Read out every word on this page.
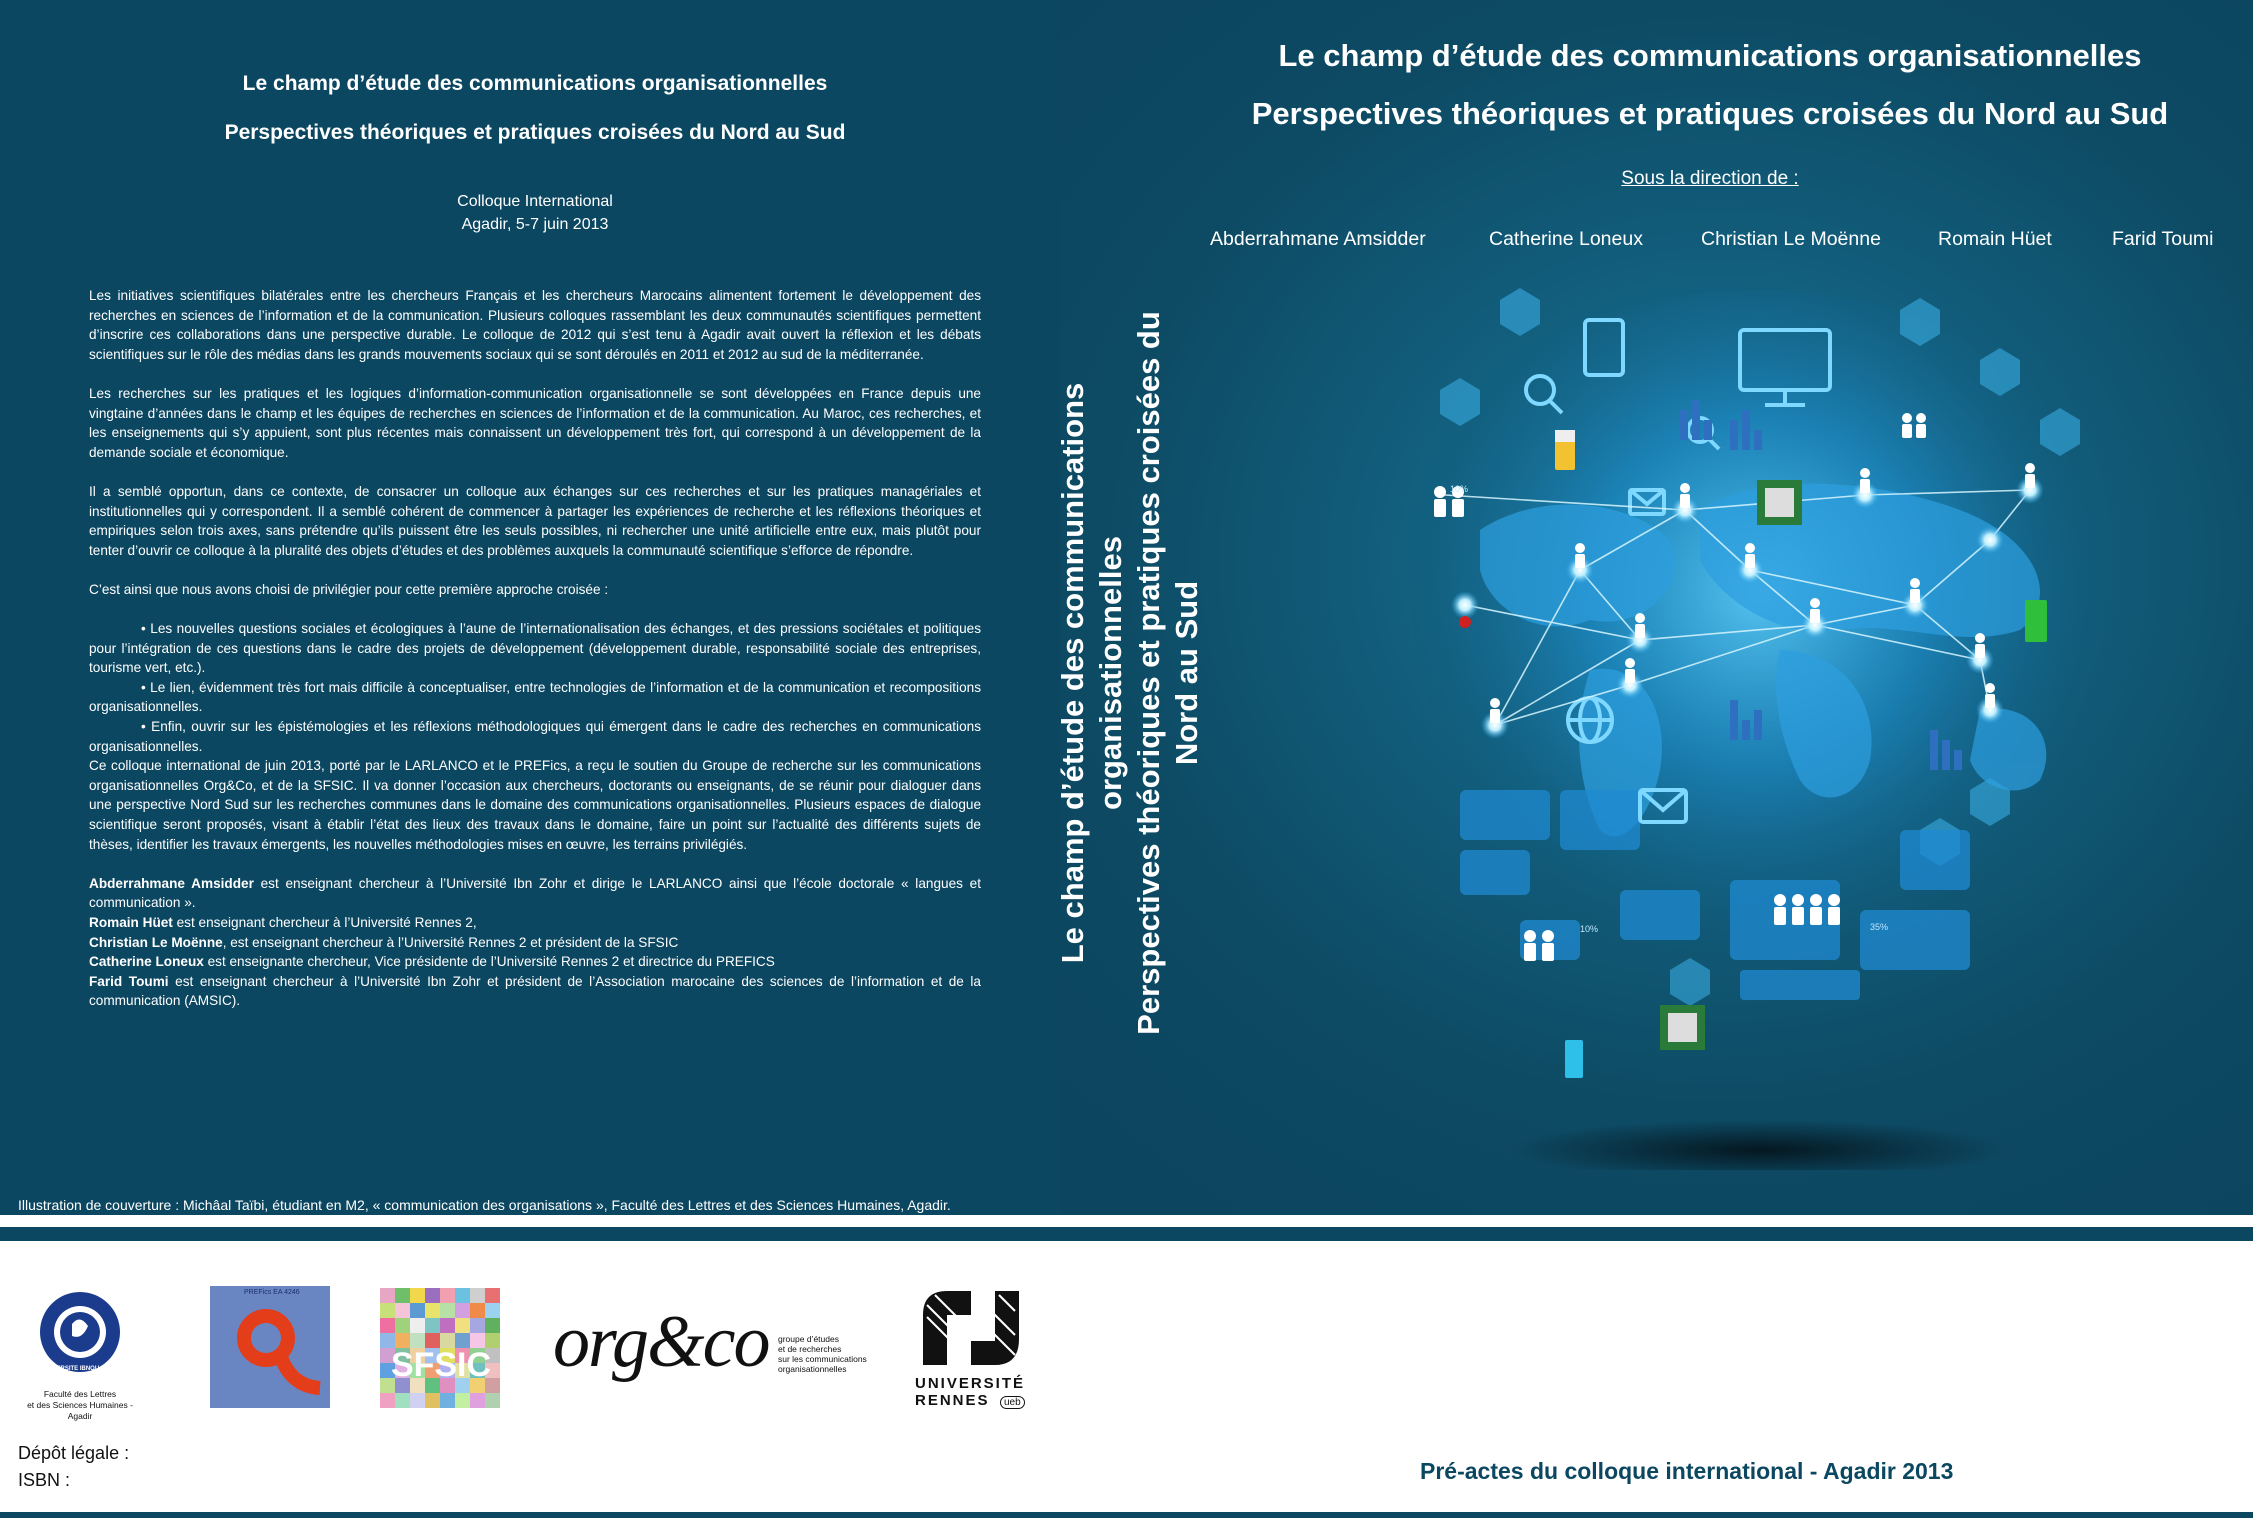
Le champ d’étude des communications organisationnelles
Perspectives théoriques et pratiques croisées du Nord au Sud
Colloque International
Agadir, 5-7 juin 2013

Les initiatives scientifiques bilatérales entre les chercheurs Français et les chercheurs Marocains alimentent fortement le développement des recherches en sciences de l’information et de la communication. Plusieurs colloques rassemblant les deux communautés scientifiques permettent d’inscrire ces collaborations dans une perspective durable. Le colloque de 2012 qui s’est tenu à Agadir avait ouvert la réflexion et les débats scientifiques sur le rôle des médias dans les grands mouvements sociaux qui se sont déroulés en 2011 et 2012 au sud de la méditerranée.

Les recherches sur les pratiques et les logiques d’information-communication organisationnelle se sont développées en France depuis une vingtaine d’années dans le champ et les équipes de recherches en sciences de l’information et de la communication. Au Maroc, ces recherches, et les enseignements qui s’y appuient, sont plus récentes mais connaissent un développement très fort, qui correspond à un développement de la demande sociale et économique.

Il a semblé opportun, dans ce contexte, de consacrer un colloque aux échanges sur ces recherches et sur les pratiques managériales et institutionnelles qui y correspondent. Il a semblé cohérent de commencer à partager les expériences de recherche et les réflexions théoriques et empiriques selon trois axes, sans prétendre qu’ils puissent être les seuls possibles, ni rechercher une unité artificielle entre eux, mais plutôt pour tenter d’ouvrir ce colloque à la pluralité des objets d’études et des problèmes auxquels la communauté scientifique s’efforce de répondre.

C’est ainsi que nous avons choisi de privilégier pour cette première approche croisée :

• Les nouvelles questions sociales et écologiques à l’aune de l’internationalisation des échanges, et des pressions sociétales et politiques pour l’intégration de ces questions dans le cadre des projets de développement (développement durable, responsabilité sociale des entreprises, tourisme vert, etc.).

• Le lien, évidemment très fort mais difficile à conceptualiser, entre technologies de l’information et de la communication et recompositions organisationnelles.

• Enfin, ouvrir sur les épistémologies et les réflexions méthodologiques qui émergent dans le cadre des recherches en communications organisationnelles.

Ce colloque international de juin 2013, porté par le LARLANCO et le PREFics, a reçu le soutien du Groupe de recherche sur les communications organisationnelles Org&Co, et de la SFSIC. Il va donner l’occasion aux chercheurs, doctorants ou enseignants, de se réunir pour dialoguer dans une perspective Nord Sud sur les recherches communes dans le domaine des communications organisationnelles. Plusieurs espaces de dialogue scientifique seront proposés, visant à établir l’état des lieux des travaux dans le domaine, faire un point sur l’actualité des différents sujets de thèses, identifier les travaux émergents, les nouvelles méthodologies mises en œuvre, les terrains privilégiés.

Abderrahmane Amsidder est enseignant chercheur à l’Université Ibn Zohr et dirige le LARLANCO ainsi que l’école doctorale « langues et communication ».

Romain Hüet est enseignant chercheur à l’Université Rennes 2,

Christian Le Moënne, est enseignant chercheur à l’Université Rennes 2 et président de la SFSIC

Catherine Loneux est enseignante chercheur, Vice présidente de l’Université Rennes 2 et directrice du PREFICS

Farid Toumi est enseignant chercheur à l’Université Ibn Zohr et président de l’Association marocaine des sciences de l’information et de la communication (AMSIC).

Illustration de couverture : Michâal Taïbi, étudiant en M2, « communication des organisations », Faculté des Lettres et des Sciences Humaines, Agadir.
Le champ d’étude des communications organisationnelles Perspectives théoriques et pratiques croisées du Nord au Sud
Le champ d’étude des communications organisationnelles
Perspectives théoriques et pratiques croisées du Nord au Sud
Sous la direction de :
Abderrahmane Amsidder	Catherine Loneux	Christian Le Moënne	Romain Hüet	Farid Toumi
10%
10%	35%
UNIVERSITE IBNOU ZOHR
Faculté des Lettres
et des Sciences Humaines - Agadir
PREFics EA 4246
SFSIC org&co groupe d’études
et de recherches
sur les communications
organisationnelles
UNIVERSITÉ
RENNES ueb
Dépôt légale :
ISBN :	Pré-actes du colloque international - Agadir 2013
